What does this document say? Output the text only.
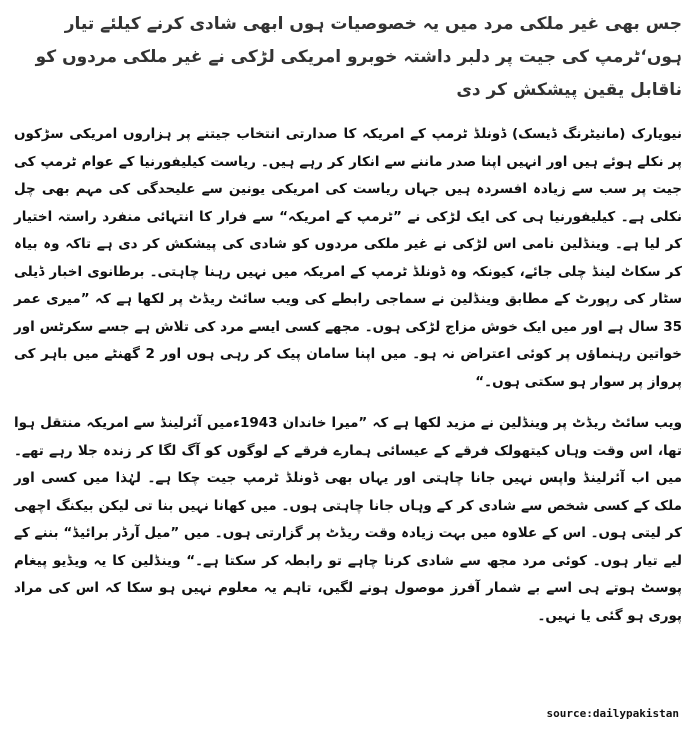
جس بھی غیر ملکی مرد میں یہ خصوصیات ہوں ابھی شادی کرنے کیلئے تیار ہوں‘ٹرمپ کی جیت پر دلبر داشتہ خوبرو امریکی لڑکی نے غیر ملکی مردوں کو ناقابل یقین پیشکش کر دی

نیویارک (مانیٹرنگ ڈیسک) ڈونلڈ ٹرمپ کے امریکہ کا صدارتی انتخاب جیتنے پر ہزاروں امریکی سڑکوں پر نکلے ہوئے ہیں اور انہیں اپنا صدر ماننے سے انکار کر رہے ہیں۔ ریاست کیلیفورنیا کے عوام ٹرمپ کی جیت پر سب سے زیادہ افسردہ ہیں جہاں ریاست کی امریکی یونین سے علیحدگی کی مہم بھی چل نکلی ہے۔ کیلیفورنیا ہی کی ایک لڑکی نے ”ٹرمپ کے امریکہ“ سے فرار کا انتہائی منفرد راستہ اختیار کر لیا ہے۔ وینڈلین نامی اس لڑکی نے غیر ملکی مردوں کو شادی کی پیشکش کر دی ہے تاکہ وہ بیاہ کر سکاٹ لینڈ چلی جائے، کیونکہ وہ ڈونلڈ ٹرمپ کے امریکہ میں نہیں رہنا چاہتی۔ برطانوی اخبار ڈیلی سٹار کی رپورٹ کے مطابق وینڈلین نے سماجی رابطے کی ویب سائٹ ریڈٹ پر لکھا ہے کہ ”میری عمر 35 سال ہے اور میں ایک خوش مزاج لڑکی ہوں۔ مجھے کسی ایسے مرد کی تلاش ہے جسے سکرٹس اور خواتین رہنماﺅں پر کوئی اعتراض نہ ہو۔ میں اپنا سامان پیک کر رہی ہوں اور 2 گھنٹے میں باہر کی پرواز پر سوار ہو سکتی ہوں۔“

ویب سائٹ ریڈٹ پر وینڈلین نے مزید لکھا ہے کہ ”میرا خاندان 1943ءمیں آئرلینڈ سے امریکہ منتقل ہوا تھا، اس وقت وہاں کیتھولک فرقے کے عیسائی ہمارے فرقے کے لوگوں کو آگ لگا کر زندہ جلا رہے تھے۔ میں اب آئرلینڈ واپس نہیں جانا چاہتی اور یہاں بھی ڈونلڈ ٹرمپ جیت چکا ہے۔ لہٰذا میں کسی اور ملک کے کسی شخص سے شادی کر کے وہاں جانا چاہتی ہوں۔ میں کھانا نہیں بنا تی لیکن بیکنگ اچھی کر لیتی ہوں۔ اس کے علاوہ میں بہت زیادہ وقت ریڈٹ پر گزارتی ہوں۔ میں ”میل آرڈر برائیڈ“ بننے کے لیے تیار ہوں۔ کوئی مرد مجھ سے شادی کرنا چاہے تو رابطہ کر سکتا ہے۔“ وینڈلین کا یہ ویڈیو پیغام پوسٹ ہوتے ہی اسے بے شمار آفرز موصول ہونے لگیں، تاہم یہ معلوم نہیں ہو سکا کہ اس کی مراد پوری ہو گئی یا نہیں۔

source:dailypakistan
